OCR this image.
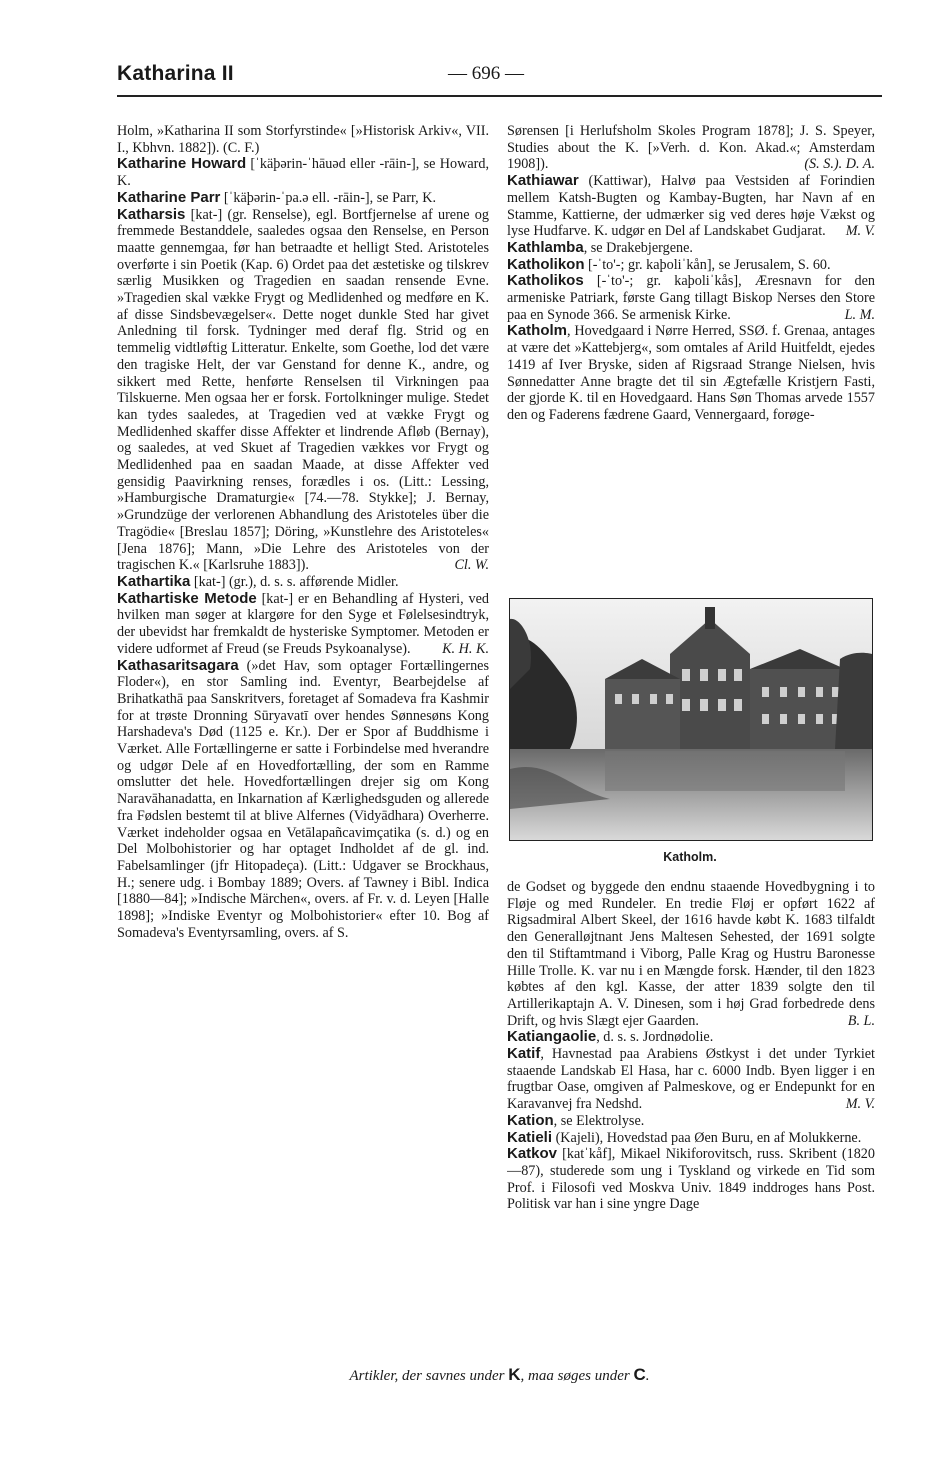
Katharina II	— 696 —

Holm, »Katharina II som Storfyrstinde« [»Historisk Arkiv«, VII. I., Kbhvn. 1882]). (C. F.)

Katharine Howard [ˈkäþərin-ˈhāuəd eller -rāin-], se Howard, K.

Katharine Parr [ˈkäþərin-ˈpa.ə ell. -rāin-], se Parr, K.

Katharsis [kat-] (gr. Renselse), egl. Bortfjernelse af urene og fremmede Bestanddele, saaledes ogsaa den Renselse, en Person maatte gennemgaa, før han betraadte et helligt Sted. Aristoteles overførte i sin Poetik (Kap. 6) Ordet paa det æstetiske og tilskrev særlig Musikken og Tragedien en saadan rensende Evne. »Tragedien skal vække Frygt og Medlidenhed og medføre en K. af disse Sindsbevægelser«. Dette noget dunkle Sted har givet Anledning til forsk. Tydninger med deraf flg. Strid og en temmelig vidtløftig Litteratur. Enkelte, som Goethe, lod det være den tragiske Helt, der var Genstand for denne K., andre, og sikkert med Rette, henførte Renselsen til Virkningen paa Tilskuerne. Men ogsaa her er forsk. Fortolkninger mulige. Stedet kan tydes saaledes, at Tragedien ved at vække Frygt og Medlidenhed skaffer disse Affekter et lindrende Afløb (Bernay), og saaledes, at ved Skuet af Tragedien vækkes vor Frygt og Medlidenhed paa en saadan Maade, at disse Affekter ved gensidig Paavirkning renses, forædles i os. (Litt.: Lessing, »Hamburgische Dramaturgie« [74.—78. Stykke]; J. Bernay, »Grundzüge der verlorenen Abhandlung des Aristoteles über die Tragödie« [Breslau 1857]; Döring, »Kunstlehre des Aristoteles« [Jena 1876]; Mann, »Die Lehre des Aristoteles von der tragischen K.« [Karlsruhe 1883]).	Cl. W.

Kathartika [kat-] (gr.), d. s. s. afførende Midler.

Kathartiske Metode [kat-] er en Behandling af Hysteri, ved hvilken man søger at klargøre for den Syge et Følelsesindtryk, der ubevidst har fremkaldt de hysteriske Symptomer. Metoden er videre udformet af Freud (se Freuds Psykoanalyse). K. H. K.

Kathasaritsagara (»det Hav, som optager Fortællingernes Floder«), en stor Samling ind. Eventyr, Bearbejdelse af Brihatkathā paa Sanskritvers, foretaget af Somadeva fra Kashmir for at trøste Dronning Sūryavatī over hendes Sønnesøns Kong Harshadeva's Død (1125 e. Kr.). Der er Spor af Buddhisme i Værket. Alle Fortællingerne er satte i Forbindelse med hverandre og udgør Dele af en Hovedfortælling, der som en Ramme omslutter det hele. Hovedfortællingen drejer sig om Kong Naravāhanadatta, en Inkarnation af Kærlighedsguden og allerede fra Fødslen bestemt til at blive Alfernes (Vidyādhara) Overherre. Værket indeholder ogsaa en Vetālapañcavimçatika (s. d.) og en Del Molbohistorier og har optaget Indholdet af de gl. ind. Fabelsamlinger (jfr Hitopadeça). (Litt.: Udgaver se Brockhaus, H.; senere udg. i Bombay 1889; Overs. af Tawney i Bibl. Indica [1880—84]; »Indische Märchen«, overs. af Fr. v. d. Leyen [Halle 1898]; »Indiske Eventyr og Molbohistorier« efter 10. Bog af Somadeva's Eventyrsamling, overs. af S.

Sørensen [i Herlufsholm Skoles Program 1878]; J. S. Speyer, Studies about the K. [»Verh. d. Kon. Akad.«; Amsterdam 1908]).	(S. S.). D. A.

Kathiawar (Kattiwar), Halvø paa Vestsiden af Forindien mellem Katsh-Bugten og Kambay-Bugten, har Navn af en Stamme, Kattierne, der udmærker sig ved deres høje Vækst og lyse Hudfarve. K. udgør en Del af Landskabet Gudjarat. M. V.

Kathlamba, se Drakebjergene.

Katholikon [-ˈto'-; gr. kaþoliˈkån], se Jerusalem, S. 60.

Katholikos [-ˈto'-; gr. kaþoliˈkås], Æresnavn for den armeniske Patriark, første Gang tillagt Biskop Nerses den Store paa en Synode 366. Se armenisk Kirke.	L. M.

Katholm, Hovedgaard i Nørre Herred, SSØ. f. Grenaa, antages at være det »Kattebjerg«, som omtales af Arild Huitfeldt, ejedes 1419 af Iver Bryske, siden af Rigsraad Strange Nielsen, hvis Sønnedatter Anne bragte det til sin Ægtefælle Kristjern Fasti, der gjorde K. til en Hovedgaard. Hans Søn Thomas arvede 1557 den og Faderens fædrene Gaard, Vennergaard, forøge-

Katholm.

de Godset og byggede den endnu staaende Hovedbygning i to Fløje og med Rundeler. En tredie Fløj er opført 1622 af Rigsadmiral Albert Skeel, der 1616 havde købt K. 1683 tilfaldt den Generalløjtnant Jens Maltesen Sehested, der 1691 solgte den til Stiftamtmand i Viborg, Palle Krag og Hustru Baronesse Hille Trolle. K. var nu i en Mængde forsk. Hænder, til den 1823 købtes af den kgl. Kasse, der atter 1839 solgte den til Artillerikaptajn A. V. Dinesen, som i høj Grad forbedrede dens Drift, og hvis Slægt ejer Gaarden.	B. L.

Katiangaolie, d. s. s. Jordnødolie.

Katif, Havnestad paa Arabiens Østkyst i det under Tyrkiet staaende Landskab El Hasa, har c. 6000 Indb. Byen ligger i en frugtbar Oase, omgiven af Palmeskove, og er Endepunkt for en Karavanvej fra Nedshd.	M. V.

Kation, se Elektrolyse.

Katieli (Kajeli), Hovedstad paa Øen Buru, en af Molukkerne.

Katkov [katˈkåf], Mikael Nikiforovitsch, russ. Skribent (1820—87), studerede som ung i Tyskland og virkede en Tid som Prof. i Filosofi ved Moskva Univ. 1849 inddroges hans Post. Politisk var han i sine yngre Dage

Artikler, der savnes under K, maa søges under C.
